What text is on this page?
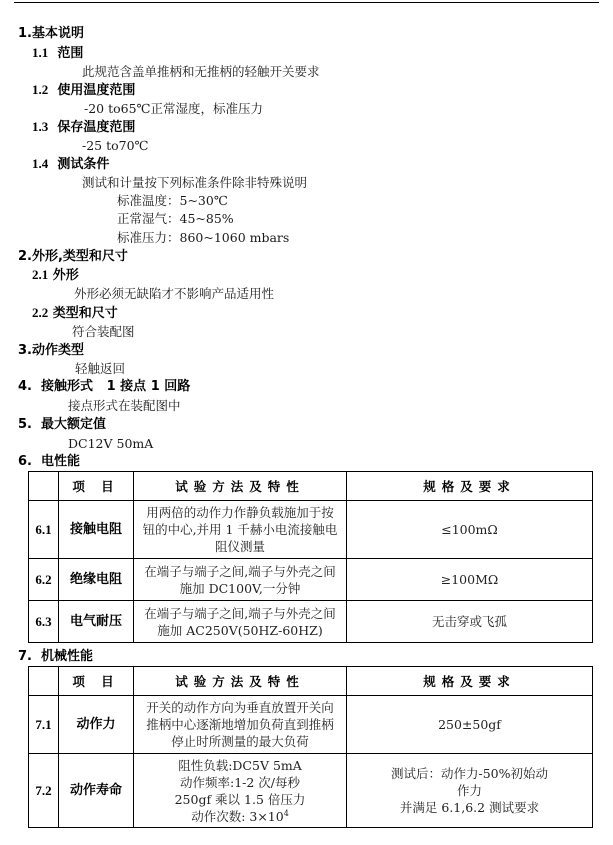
1.基本说明
1.1 范围
此规范含盖单推柄和无推柄的轻触开关要求
1.2 使用温度范围
-20 to65℃正常湿度，标准压力
1.3 保存温度范围
-25 to70℃
1.4 测试条件
测试和计量按下列标准条件除非特殊说明
标准温度：5~30℃
正常湿气：45~85%
标准压力：860~1060 mbars
2.外形,类型和尺寸
2.1 外形
外形必须无缺陷才不影响产品适用性
2.2 类型和尺寸
符合装配图
3.动作类型
轻触返回
4.  接触形式   1 接点 1 回路
接点形式在装配图中
5.  最大额定值
DC12V 50mA
6.  电性能
	项 目	试验方法及特性	规格及要求
6.1	接触电阻	用两倍的动作力作静负载施加于按
钮的中心,并用 1 千赫小电流接触电
阻仪测量	≤100mΩ
6.2	绝缘电阻	在端子与端子之间,端子与外壳之间
施加 DC100V,一分钟	≥100MΩ
6.3	电气耐压	在端子与端子之间,端子与外壳之间
施加 AC250V(50HZ-60HZ)	无击穿或飞孤
7.  机械性能
	项 目	试验方法及特性	规格及要求
7.1	动作力	开关的动作方向为垂直放置开关向
推柄中心逐渐地增加负荷直到推柄
停止时所测量的最大负荷	250±50gf

7.2	动作寿命	阻性负载:DC5V 5mA
动作频率:1-2 次/每秒
250gf 乘以 1.5 倍压力
动作次数: $3\times 10^4$	测试后：动作力-50%初始动
作力
并满足 6.1,6.2 测试要求
